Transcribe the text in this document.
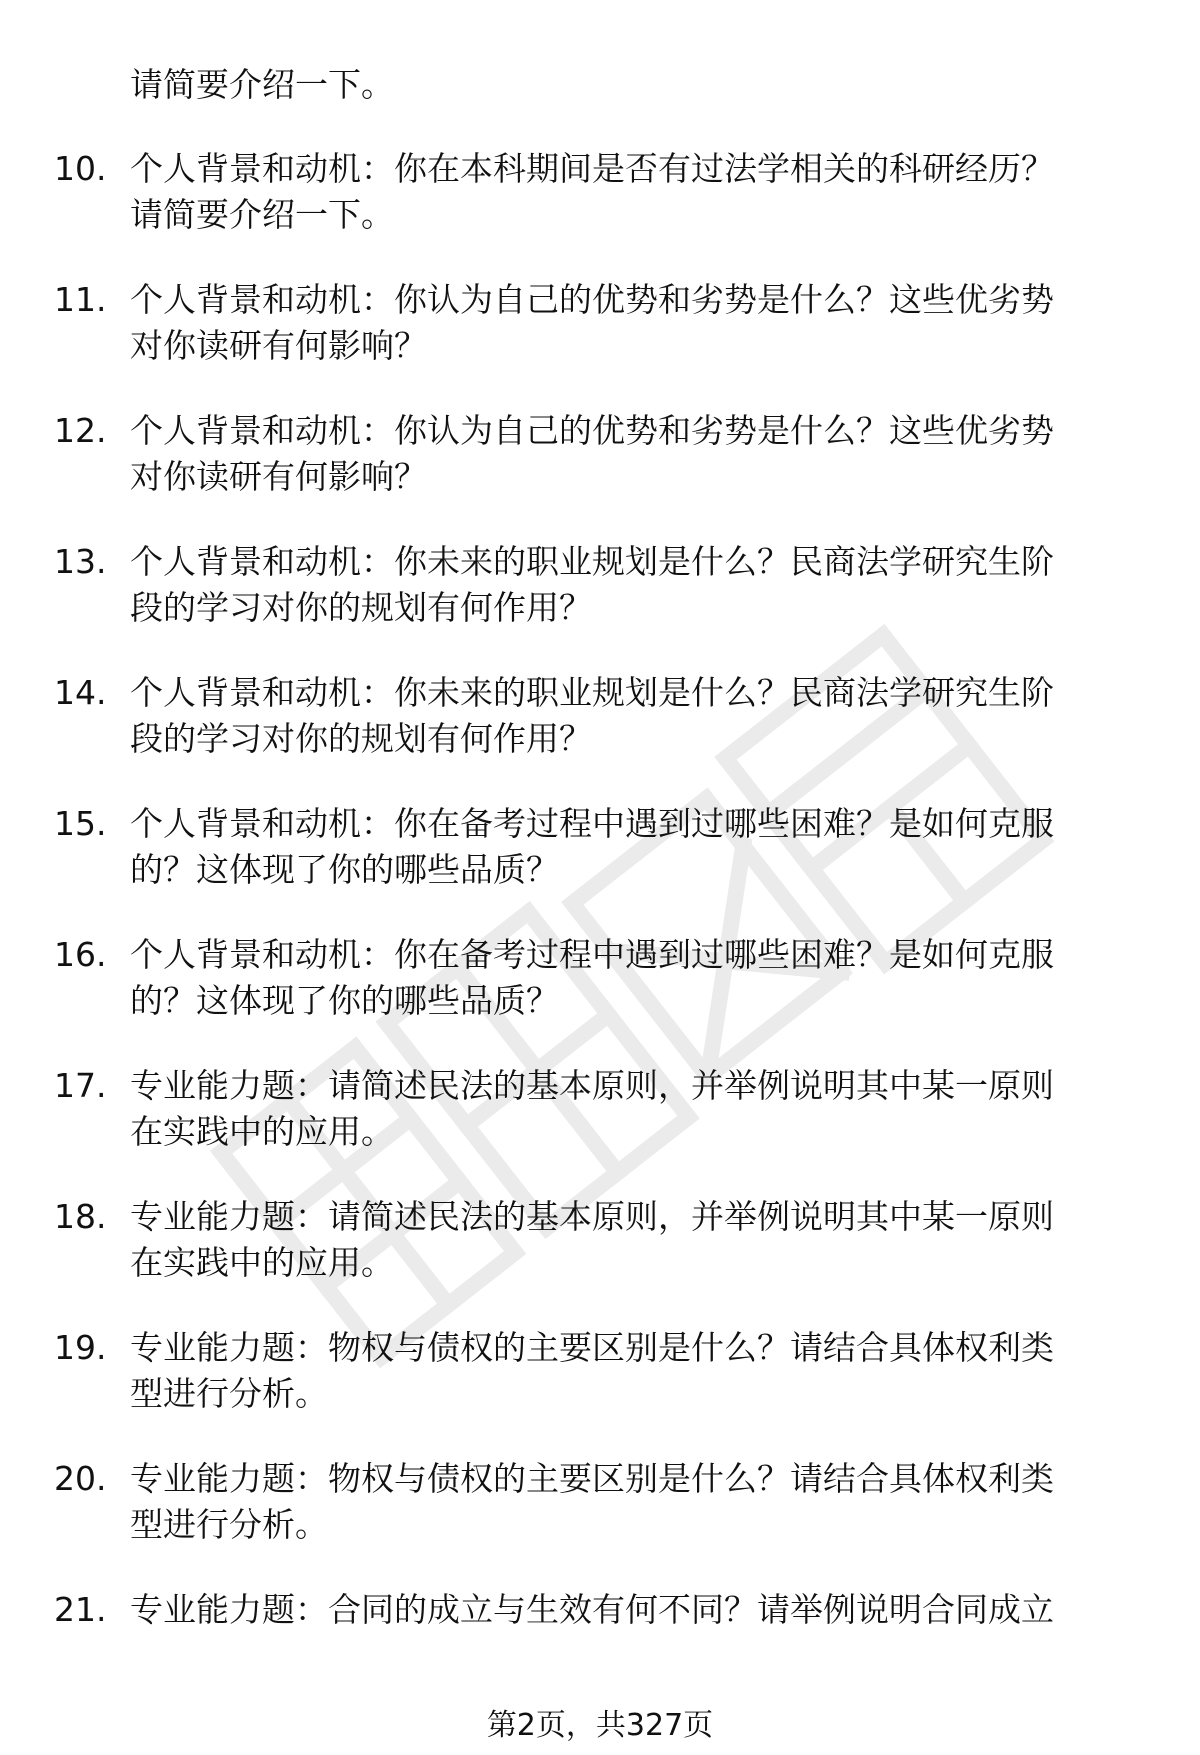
请简要介绍一下。
10. 个人背景和动机：你在本科期间是否有过法学相关的科研经历？
请简要介绍一下。
11. 个人背景和动机：你认为自己的优势和劣势是什么？这些优劣势
对你读研有何影响？
12. 个人背景和动机：你认为自己的优势和劣势是什么？这些优劣势
对你读研有何影响？
13. 个人背景和动机：你未来的职业规划是什么？民商法学研究生阶
段的学习对你的规划有何作用？
14. 个人背景和动机：你未来的职业规划是什么？民商法学研究生阶
段的学习对你的规划有何作用？
15. 个人背景和动机：你在备考过程中遇到过哪些困难？是如何克服
的？这体现了你的哪些品质？
16. 个人背景和动机：你在备考过程中遇到过哪些困难？是如何克服
的？这体现了你的哪些品质？
17. 专业能力题：请简述民法的基本原则，并举例说明其中某一原则
在实践中的应用。
18. 专业能力题：请简述民法的基本原则，并举例说明其中某一原则
在实践中的应用。
19. 专业能力题：物权与债权的主要区别是什么？请结合具体权利类
型进行分析。
20. 专业能力题：物权与债权的主要区别是什么？请结合具体权利类
型进行分析。
21. 专业能力题：合同的成立与生效有何不同？请举例说明合同成立
第2页，共327页
